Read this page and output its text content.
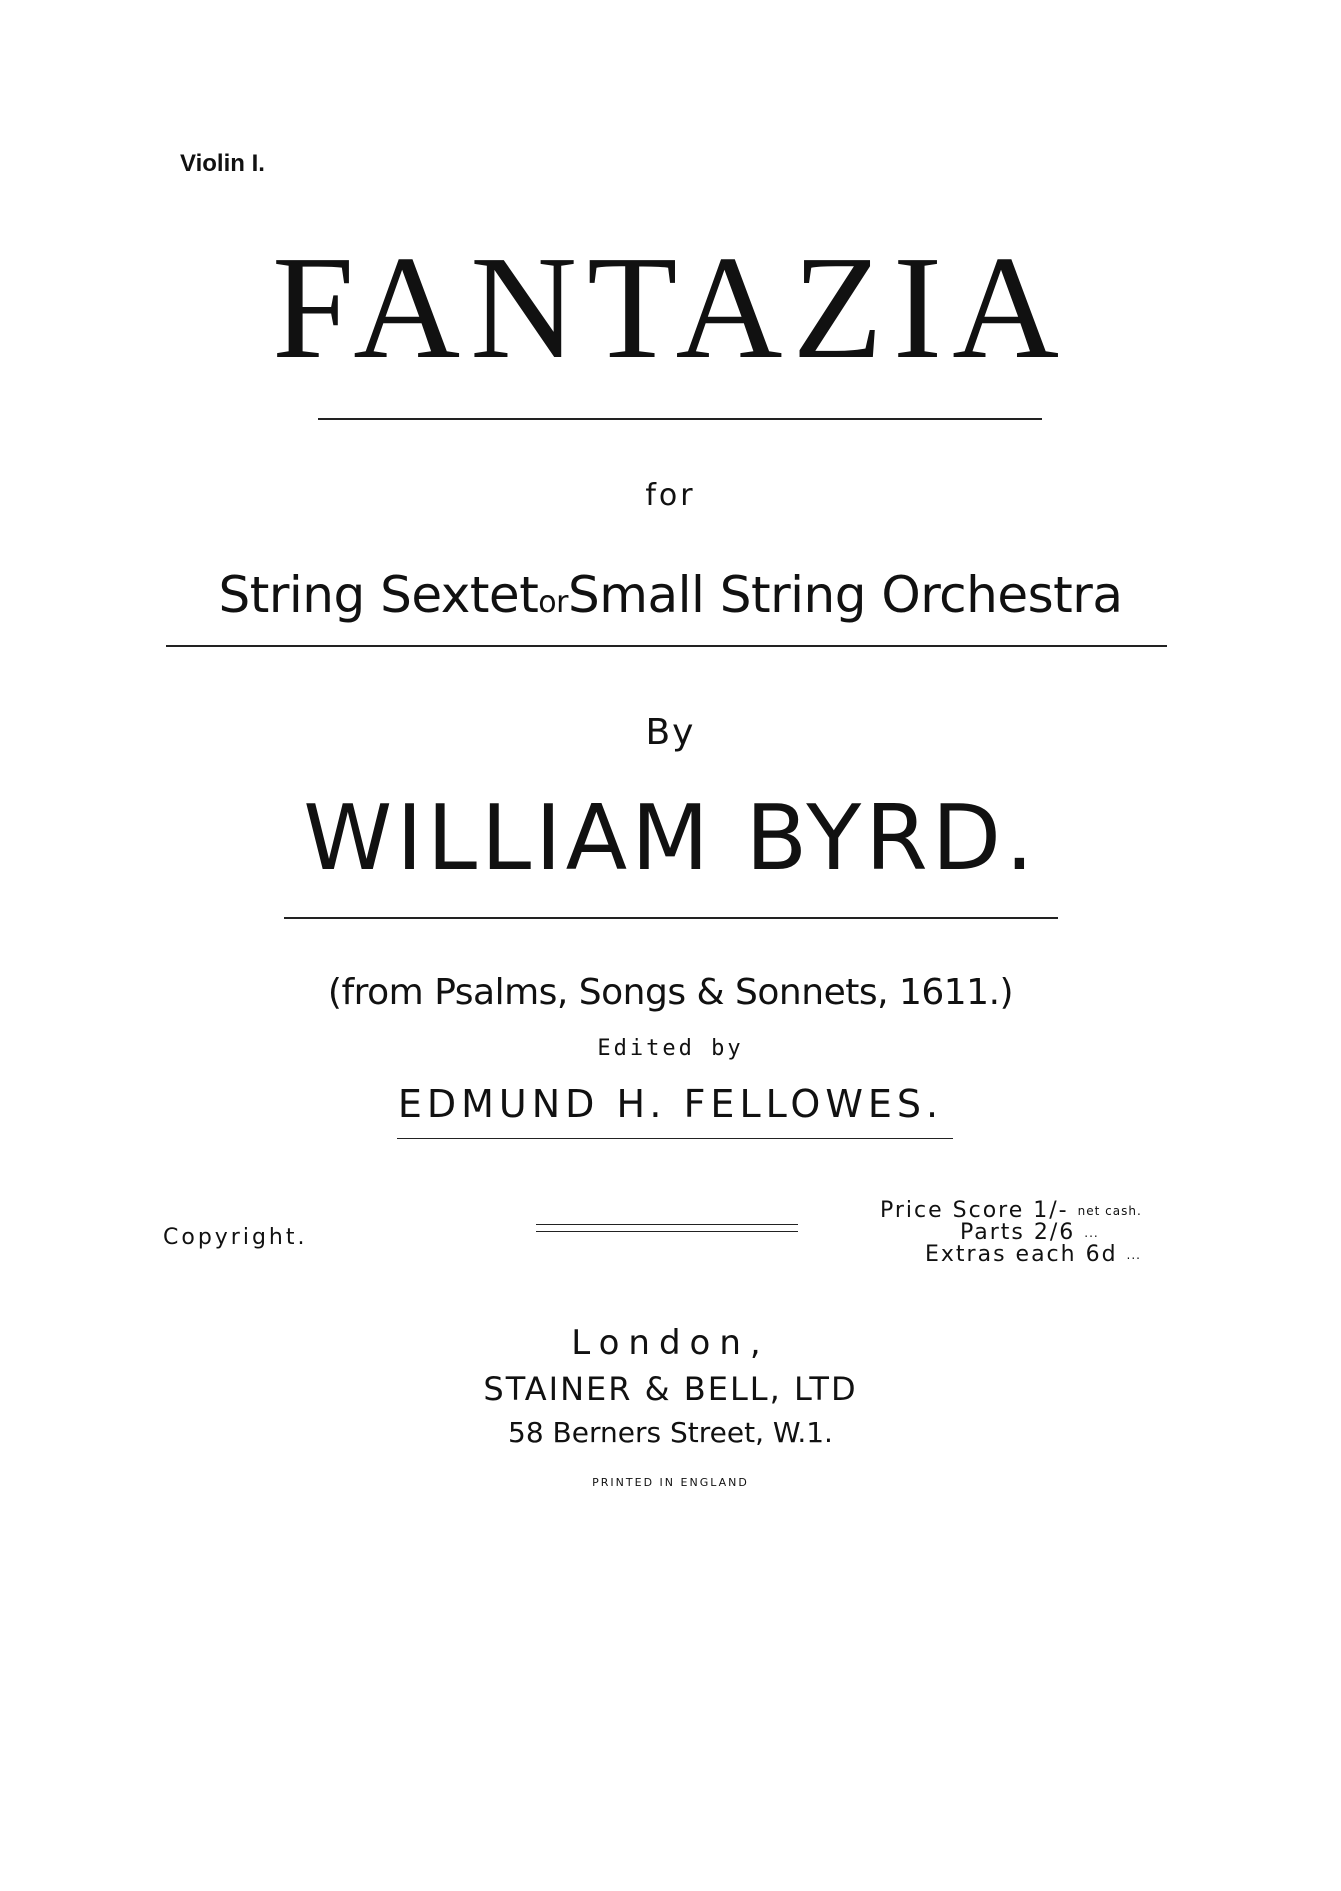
Violin I.
FANTAZIA
for
String SextetorSmall String Orchestra
By
WILLIAM BYRD.
(from Psalms, Songs & Sonnets, 1611.)
Edited by
EDMUND H. FELLOWES.
Copyright.
Price Score 1/- $^{net cash.}$
Parts 2/6 ...
Extras each 6d ...
London,
STAINER & BELL, LTD
58 Berners Street, W.1.
PRINTED IN ENGLAND
